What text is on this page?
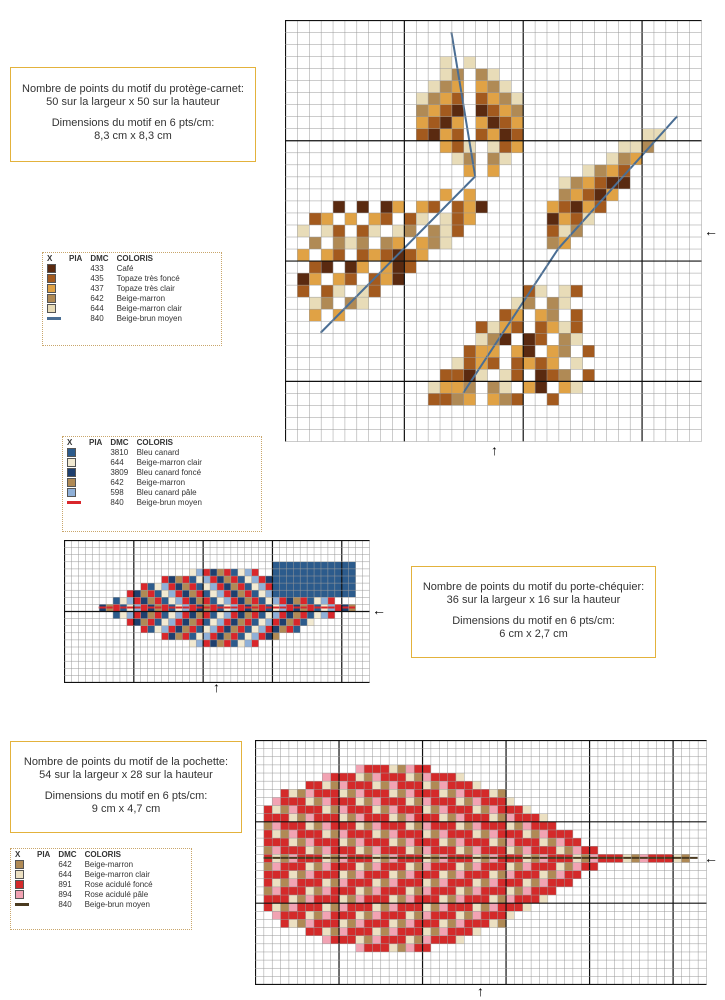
Nombre de points du motif du protège-carnet:
50 sur la largeur x 50 sur la hauteur
Dimensions du motif en 6 pts/cm:
8,3 cm x 8,3 cm
X	PIA	DMC	COLORIS
		433	Café
		435	Topaze très foncé
		437	Topaze très clair
		642	Beige-marron
		644	Beige-marron clair
		840	Beige-brun moyen
←
↑
X	PIA	DMC	COLORIS
		3810	Bleu canard
		644	Beige-marron clair
		3809	Bleu canard foncé
		642	Beige-marron
		598	Bleu canard pâle
		840	Beige-brun moyen
←
↑
Nombre de points du motif du porte-chéquier:
36 sur la largeur x 16 sur la hauteur
Dimensions du motif en 6 pts/cm:
6 cm x 2,7 cm
Nombre de points du motif de la pochette:
54 sur la largeur x 28 sur la hauteur
Dimensions du motif en 6 pts/cm:
9 cm x 4,7 cm
X	PIA	DMC	COLORIS
		642	Beige-marron
		644	Beige-marron clair
		891	Rose acidulé foncé
		894	Rose acidulé pâle
		840	Beige-brun moyen
←
↑
